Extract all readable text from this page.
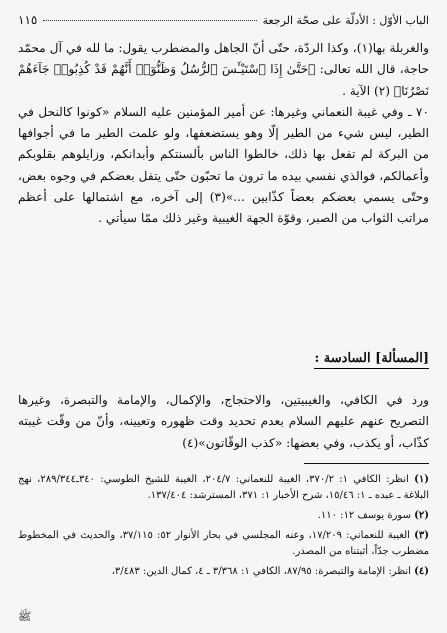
الباب الأوّل : الأدلّة على صحّة الرجعة
١١٥

والغربلة بها(١)، وكذا الردّة، حتّى أنّ الجاهل والمضطرب يقول: ما لله في آل محمّد حاجة، قال الله تعالى: ﴿حَتَّىٰ إِذَا ٱسْتَيْـَٔسَ ٱلرُّسُلُ وَظَنُّوٓا۟ أَنَّهُمْ قَدْ كُذِبُوا۟ جَآءَهُمْ نَصْرُنَا﴾ (٢) الآية .

٧٠ ـ وفي غيبة النعماني وغيرها: عن أمير المؤمنين عليه السلام «كونوا كالنحل في الطير، ليس شيء من الطير إلّا وهو يستضعفها، ولو علمت الطير ما في أجوافها من البركة لم تفعل بها ذلك، خالطوا الناس بألسنتكم وأبدانكم، وزايلوهم بقلوبكم وأعمالكم، فوالذي نفسي بيده ما ترون ما تحبّون حتّى يتفل بعضكم في وجوه بعض، وحتّى يسمي بعضكم بعضاً كذّابين ...»(٣) إلى آخره، مع اشتمالها على أعظم مراتب الثواب من الصبر، وقوّة الجهة الغيبية وغير ذلك ممّا سيأتي .

[المسألة] السادسة :

ورد في الكافي، والغيبيتين، والاحتجاج، والإكمال، والإمامة والتبصرة، وغيرها التصريح عنهم عليهم السلام بعدم تحديد وقت ظهوره وتعيينه، وأنّ من وقّت غيبته كذّاب، أو يكذب، وفي بعضها: «كذب الوقّاتون»(٤)

(١) انظر: الكافي ١: ٣٧٠/٢، الغيبة للنعماني: ٢٠٤/٧، الغيبة للشيخ الطوسي: ٣٤٠ـ٢٨٩/٣٤٤، نهج البلاغة ـ عبده ـ ١: ١٥/٤٦، شرح الأخبار ١: ٣٧١، المسترشد: ١٣٧/٤٠٤.
(٢) سورة يوسف ١٢: ١١٠.
(٣) الغيبة للنعماني: ١٧/٢٠٩، وعنه المجلسي في بحار الأنوار ٥٢: ٣٧/١١٥، والحديث في المخطوط مضطرب جدّاً، أثبتناه من المصدر.
(٤) انظر: الإمامة والتبصرة: ٨٧/٩٥، الكافي ١: ٣/٣٦٨ ـ ٤، كمال الدين: ٣/٤٨٣،
ﷺ
